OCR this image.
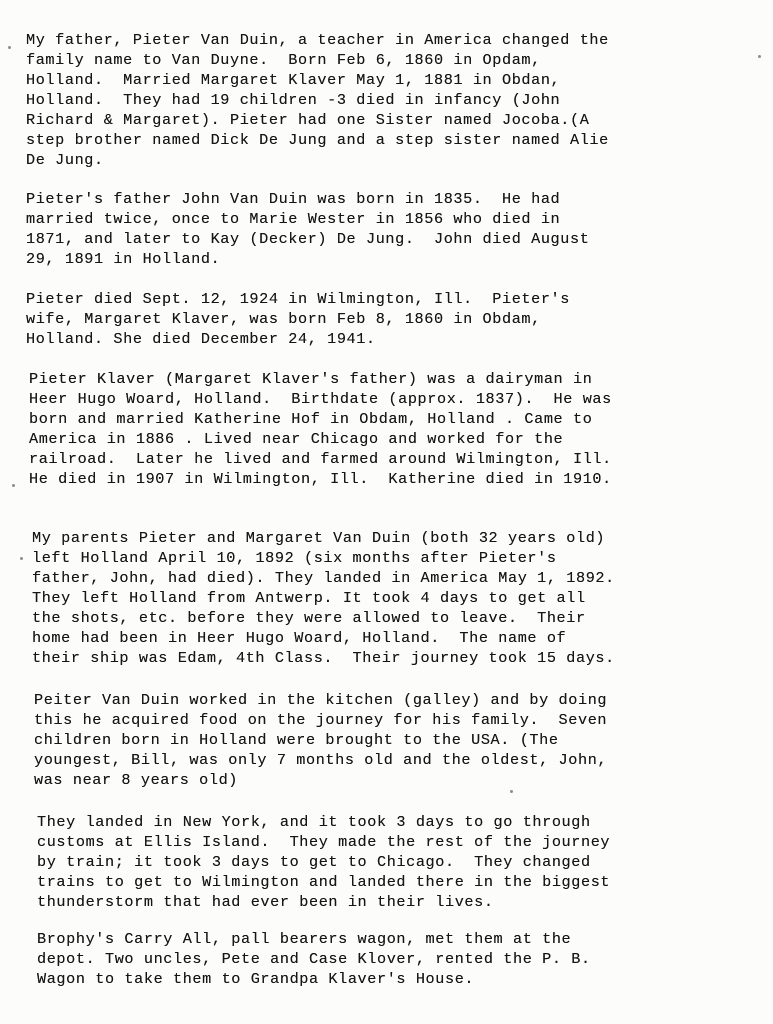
My father, Pieter Van Duin, a teacher in America changed the
family name to Van Duyne.  Born Feb 6, 1860 in Opdam,
Holland.  Married Margaret Klaver May 1, 1881 in Obdan,
Holland.  They had 19 children -3 died in infancy (John
Richard & Margaret). Pieter had one Sister named Jocoba.(A
step brother named Dick De Jung and a step sister named Alie
De Jung.

Pieter's father John Van Duin was born in 1835.  He had
married twice, once to Marie Wester in 1856 who died in
1871, and later to Kay (Decker) De Jung.  John died August
29, 1891 in Holland.

Pieter died Sept. 12, 1924 in Wilmington, Ill.  Pieter's
wife, Margaret Klaver, was born Feb 8, 1860 in Obdam,
Holland. She died December 24, 1941.

Pieter Klaver (Margaret Klaver's father) was a dairyman in
Heer Hugo Woard, Holland.  Birthdate (approx. 1837).  He was
born and married Katherine Hof in Obdam, Holland . Came to
America in 1886 . Lived near Chicago and worked for the
railroad.  Later he lived and farmed around Wilmington, Ill.
He died in 1907 in Wilmington, Ill.  Katherine died in 1910.

My parents Pieter and Margaret Van Duin (both 32 years old)
left Holland April 10, 1892 (six months after Pieter's
father, John, had died). They landed in America May 1, 1892.
They left Holland from Antwerp. It took 4 days to get all
the shots, etc. before they were allowed to leave.  Their
home had been in Heer Hugo Woard, Holland.  The name of
their ship was Edam, 4th Class.  Their journey took 15 days.

Peiter Van Duin worked in the kitchen (galley) and by doing
this he acquired food on the journey for his family.  Seven
children born in Holland were brought to the USA. (The
youngest, Bill, was only 7 months old and the oldest, John,
was near 8 years old)

They landed in New York, and it took 3 days to go through
customs at Ellis Island.  They made the rest of the journey
by train; it took 3 days to get to Chicago.  They changed
trains to get to Wilmington and landed there in the biggest
thunderstorm that had ever been in their lives.

Brophy's Carry All, pall bearers wagon, met them at the
depot. Two uncles, Pete and Case Klover, rented the P. B.
Wagon to take them to Grandpa Klaver's House.
